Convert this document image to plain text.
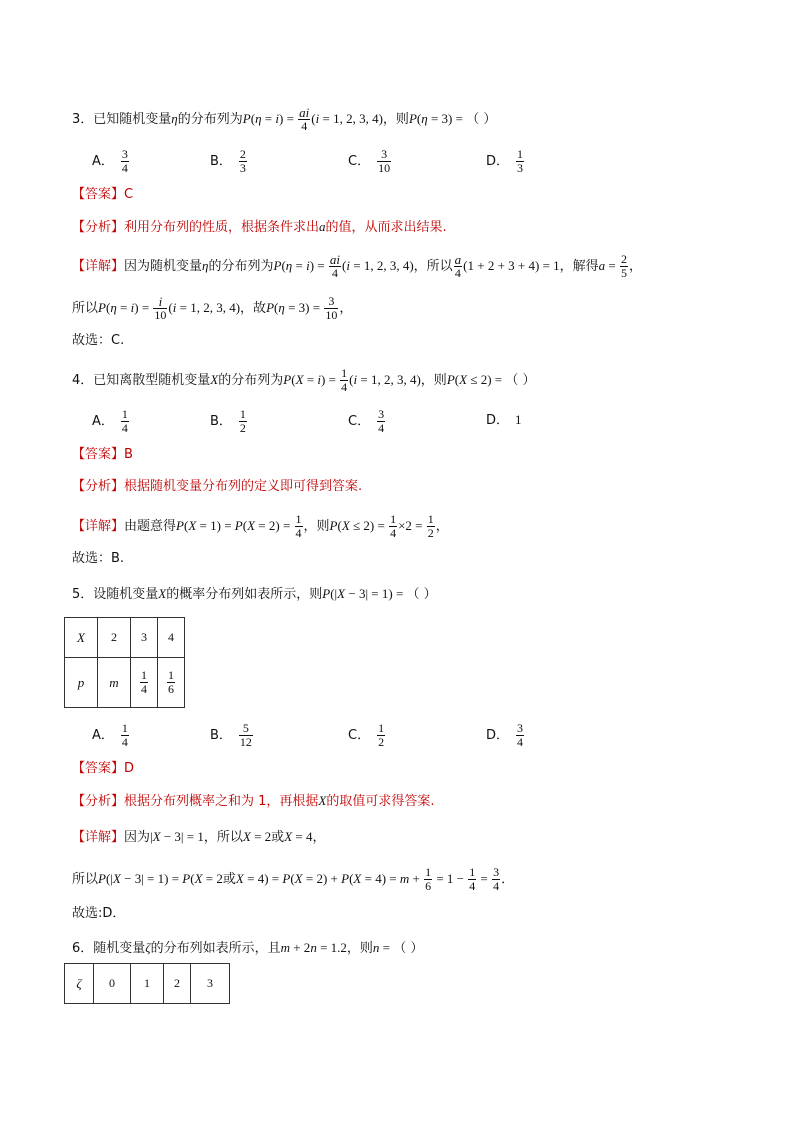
3．已知随机变量η的分布列为$P(\eta = i) = \frac{ai}{4} (i = 1$, 2, 3, 4)，则P(η = 3) = （ ）
A． $\frac{3}{4}$	B． $\frac{2}{3}$	C． $\frac{3}{10}$	D． $\frac{1}{3}$
【答案】C
【分析】利用分布列的性质，根据条件求出a的值，从而求出结果.
【详解】因为随机变量η的分布列为$P(\eta = i) = \frac{ai}{4} (i = 1$, 2, 3, 4)，所以 $\frac{a}{4} (1 + 2 + 3 + 4) = 1$，解得$a = \frac{2}{5}$ ，
所以$P(\eta = i) = \frac{i}{10} (i = 1$, 2, 3, 4)，故$P(\eta = 3) = \frac{3}{10}$ ，
故选：C.
4．已知离散型随机变量X的分布列为$P(X = i) = \frac{1}{4} (i = 1$, 2, 3, 4)，则P(X ≤ 2) = （ ）
A． $\frac{1}{4}$	B． $\frac{1}{2}$	C． $\frac{3}{4}$	D． 1
【答案】B
【分析】根据随机变量分布列的定义即可得到答案.
【详解】由题意得$P(X = 1) = P(X = 2) = \frac{1}{4}$ ，则$P(X \le 2) = \frac{1}{4} \times 2 = \frac{1}{2}$ ，
故选：B.
5．设随机变量X的概率分布列如表所示，则P(|X − 3| = 1) = （ ）
X	2	3	4
p	m	$\frac{1}{4}$	$\frac{1}{6}$
A． $\frac{1}{4}$	B． $\frac{5}{12}$	C． $\frac{1}{2}$	D． $\frac{3}{4}$
【答案】D
【分析】根据分布列概率之和为 1，再根据X的取值可求得答案.
【详解】因为|X − 3| = 1，所以X = 2或X = 4，
所以P(|X − 3| = 1) = P(X = 2或$X = 4) = P(X = 2) + P(X = 4) = m + \frac{1}{6} = 1 - \frac{1}{4} = \frac{3}{4}$ ．
故选:D．
6．随机变量ζ的分布列如表所示，且m + 2n = 1.2，则n = （ ）
ζ	0	1	2	3
